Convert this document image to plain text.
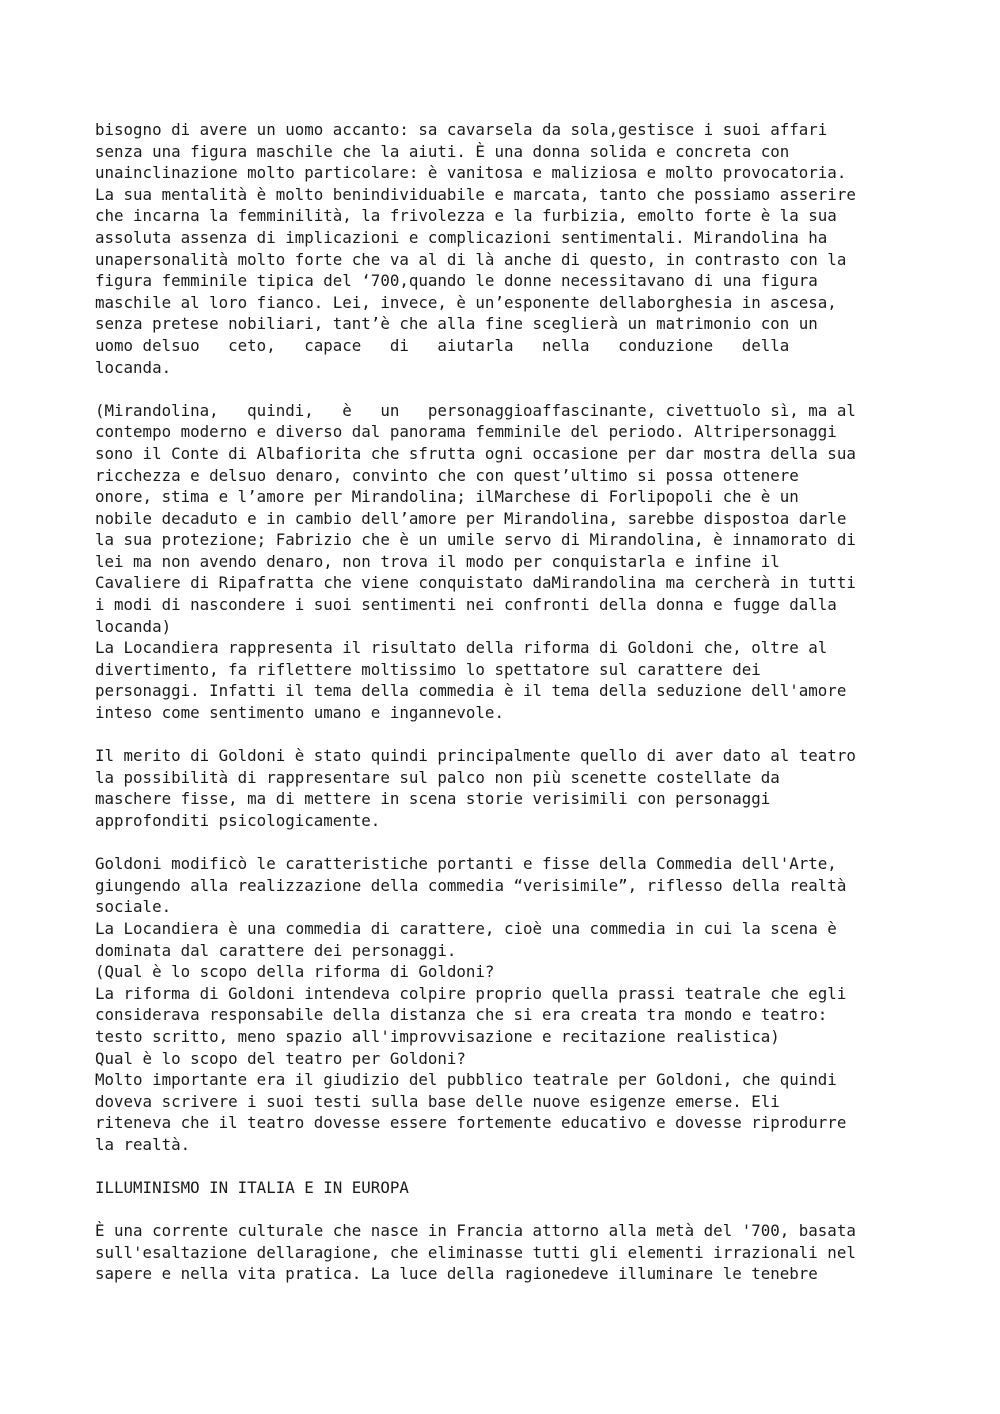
bisogno di avere un uomo accanto: sa cavarsela da sola,gestisce i suoi affari
senza una figura maschile che la aiuti. È una donna solida e concreta con
unainclinazione molto particolare: è vanitosa e maliziosa e molto provocatoria.
La sua mentalità è molto benindividuabile e marcata, tanto che possiamo asserire
che incarna la femminilità, la frivolezza e la furbizia, emolto forte è la sua
assoluta assenza di implicazioni e complicazioni sentimentali. Mirandolina ha
unapersonalità molto forte che va al di là anche di questo, in contrasto con la
figura femminile tipica del ‘700,quando le donne necessitavano di una figura
maschile al loro fianco. Lei, invece, è un’esponente dellaborghesia in ascesa,
senza pretese nobiliari, tant’è che alla fine sceglierà un matrimonio con un
uomo delsuo   ceto,   capace   di   aiutarla   nella   conduzione   della
locanda.
(Mirandolina,   quindi,   è   un   personaggioaffascinante, civettuolo sì, ma al
contempo moderno e diverso dal panorama femminile del periodo. Altripersonaggi
sono il Conte di Albafiorita che sfrutta ogni occasione per dar mostra della sua
ricchezza e delsuo denaro, convinto che con quest’ultimo si possa ottenere
onore, stima e l’amore per Mirandolina; ilMarchese di Forlipopoli che è un
nobile decaduto e in cambio dell’amore per Mirandolina, sarebbe dispostoa darle
la sua protezione; Fabrizio che è un umile servo di Mirandolina, è innamorato di
lei ma non avendo denaro, non trova il modo per conquistarla e infine il
Cavaliere di Ripafratta che viene conquistato daMirandolina ma cercherà in tutti
i modi di nascondere i suoi sentimenti nei confronti della donna e fugge dalla
locanda)
La Locandiera rappresenta il risultato della riforma di Goldoni che, oltre al
divertimento, fa riflettere moltissimo lo spettatore sul carattere dei
personaggi. Infatti il tema della commedia è il tema della seduzione dell'amore
inteso come sentimento umano e ingannevole.
Il merito di Goldoni è stato quindi principalmente quello di aver dato al teatro
la possibilità di rappresentare sul palco non più scenette costellate da
maschere fisse, ma di mettere in scena storie verisimili con personaggi
approfonditi psicologicamente.
Goldoni modificò le caratteristiche portanti e fisse della Commedia dell'Arte,
giungendo alla realizzazione della commedia “verisimile”, riflesso della realtà
sociale.
La Locandiera è una commedia di carattere, cioè una commedia in cui la scena è
dominata dal carattere dei personaggi.
(Qual è lo scopo della riforma di Goldoni?
La riforma di Goldoni intendeva colpire proprio quella prassi teatrale che egli
considerava responsabile della distanza che si era creata tra mondo e teatro:
testo scritto, meno spazio all'improvvisazione e recitazione realistica)
Qual è lo scopo del teatro per Goldoni?
Molto importante era il giudizio del pubblico teatrale per Goldoni, che quindi
doveva scrivere i suoi testi sulla base delle nuove esigenze emerse. Eli
riteneva che il teatro dovesse essere fortemente educativo e dovesse riprodurre
la realtà.
ILLUMINISMO IN ITALIA E IN EUROPA
È una corrente culturale che nasce in Francia attorno alla metà del '700, basata
sull'esaltazione dellaragione, che eliminasse tutti gli elementi irrazionali nel
sapere e nella vita pratica. La luce della ragionedeve illuminare le tenebre
